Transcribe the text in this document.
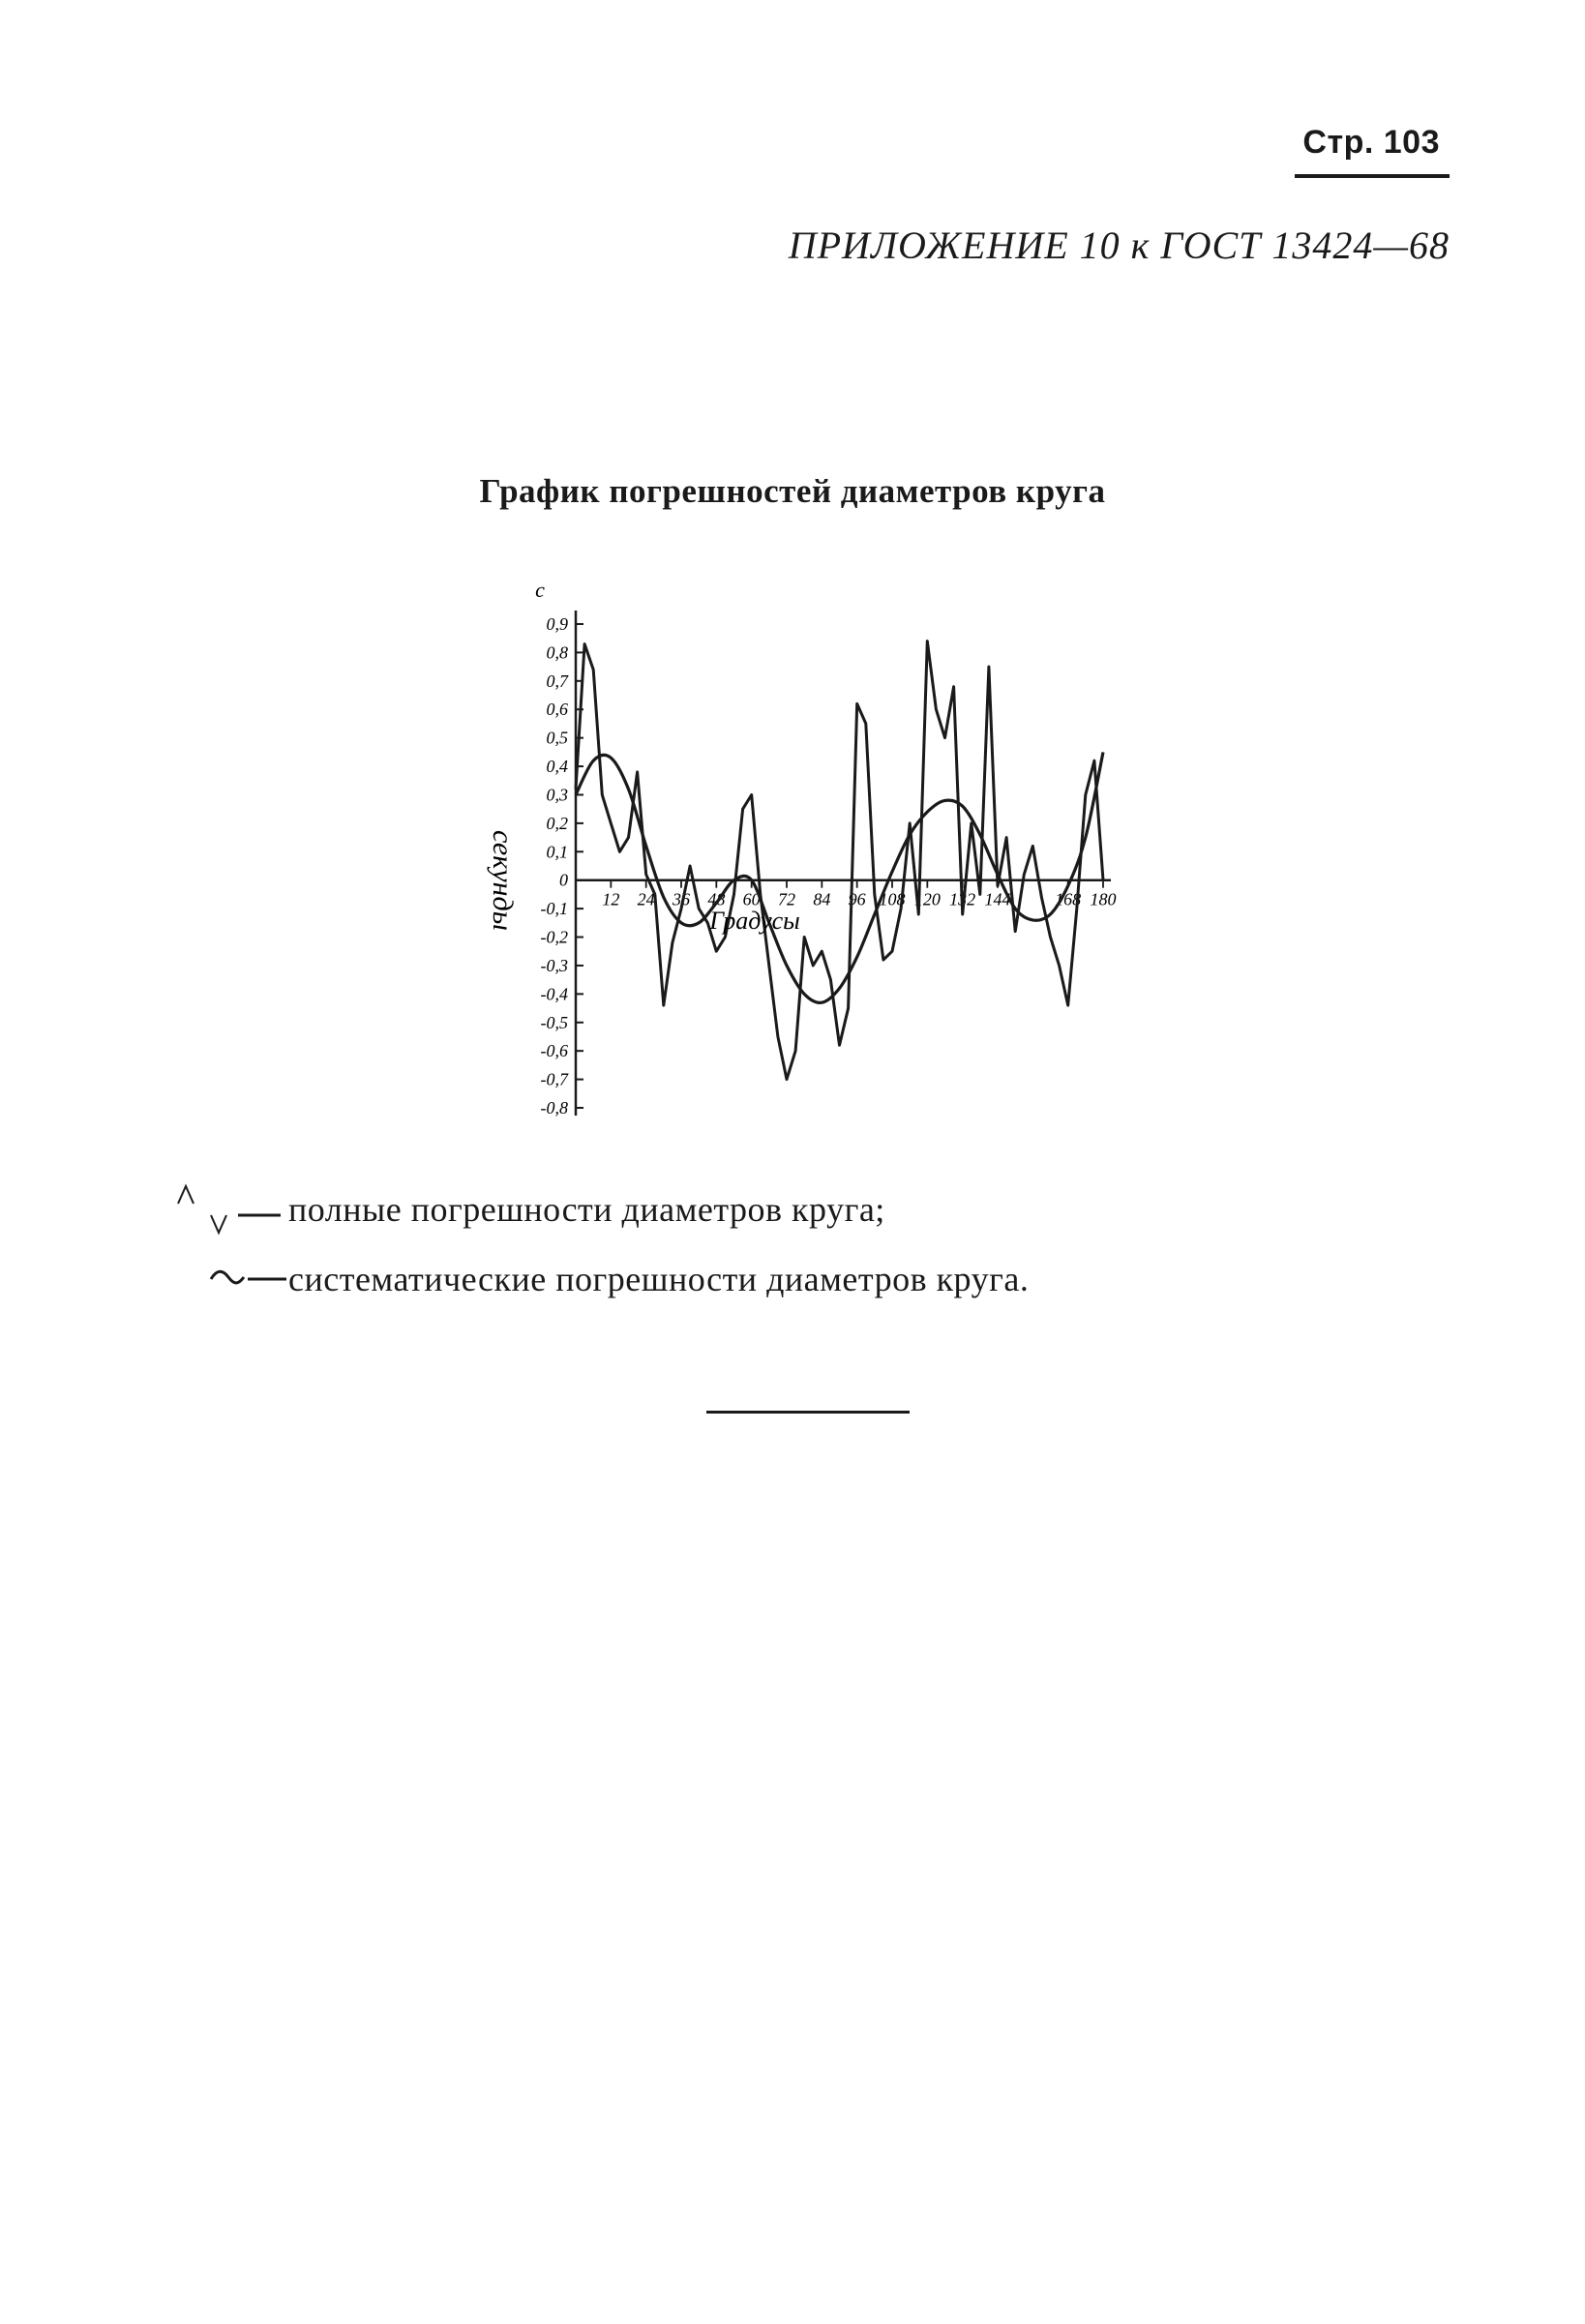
Стр. 103
ПРИЛОЖЕНИЕ 10 к ГОСТ 13424—68
График погрешностей диаметров круга
0,9
0,8
0,7
0,6
0,5
0,4
0,3
0,2
0,1
0
-0,1
-0,2
-0,3
-0,4
-0,5
-0,6
-0,7
-0,8
12 24 36 48 60 72 84 96 108 120 132 144	168 180
с
секунды	Градусы
полные погрешности диаметров круга;
систематические погрешности диаметров круга.
